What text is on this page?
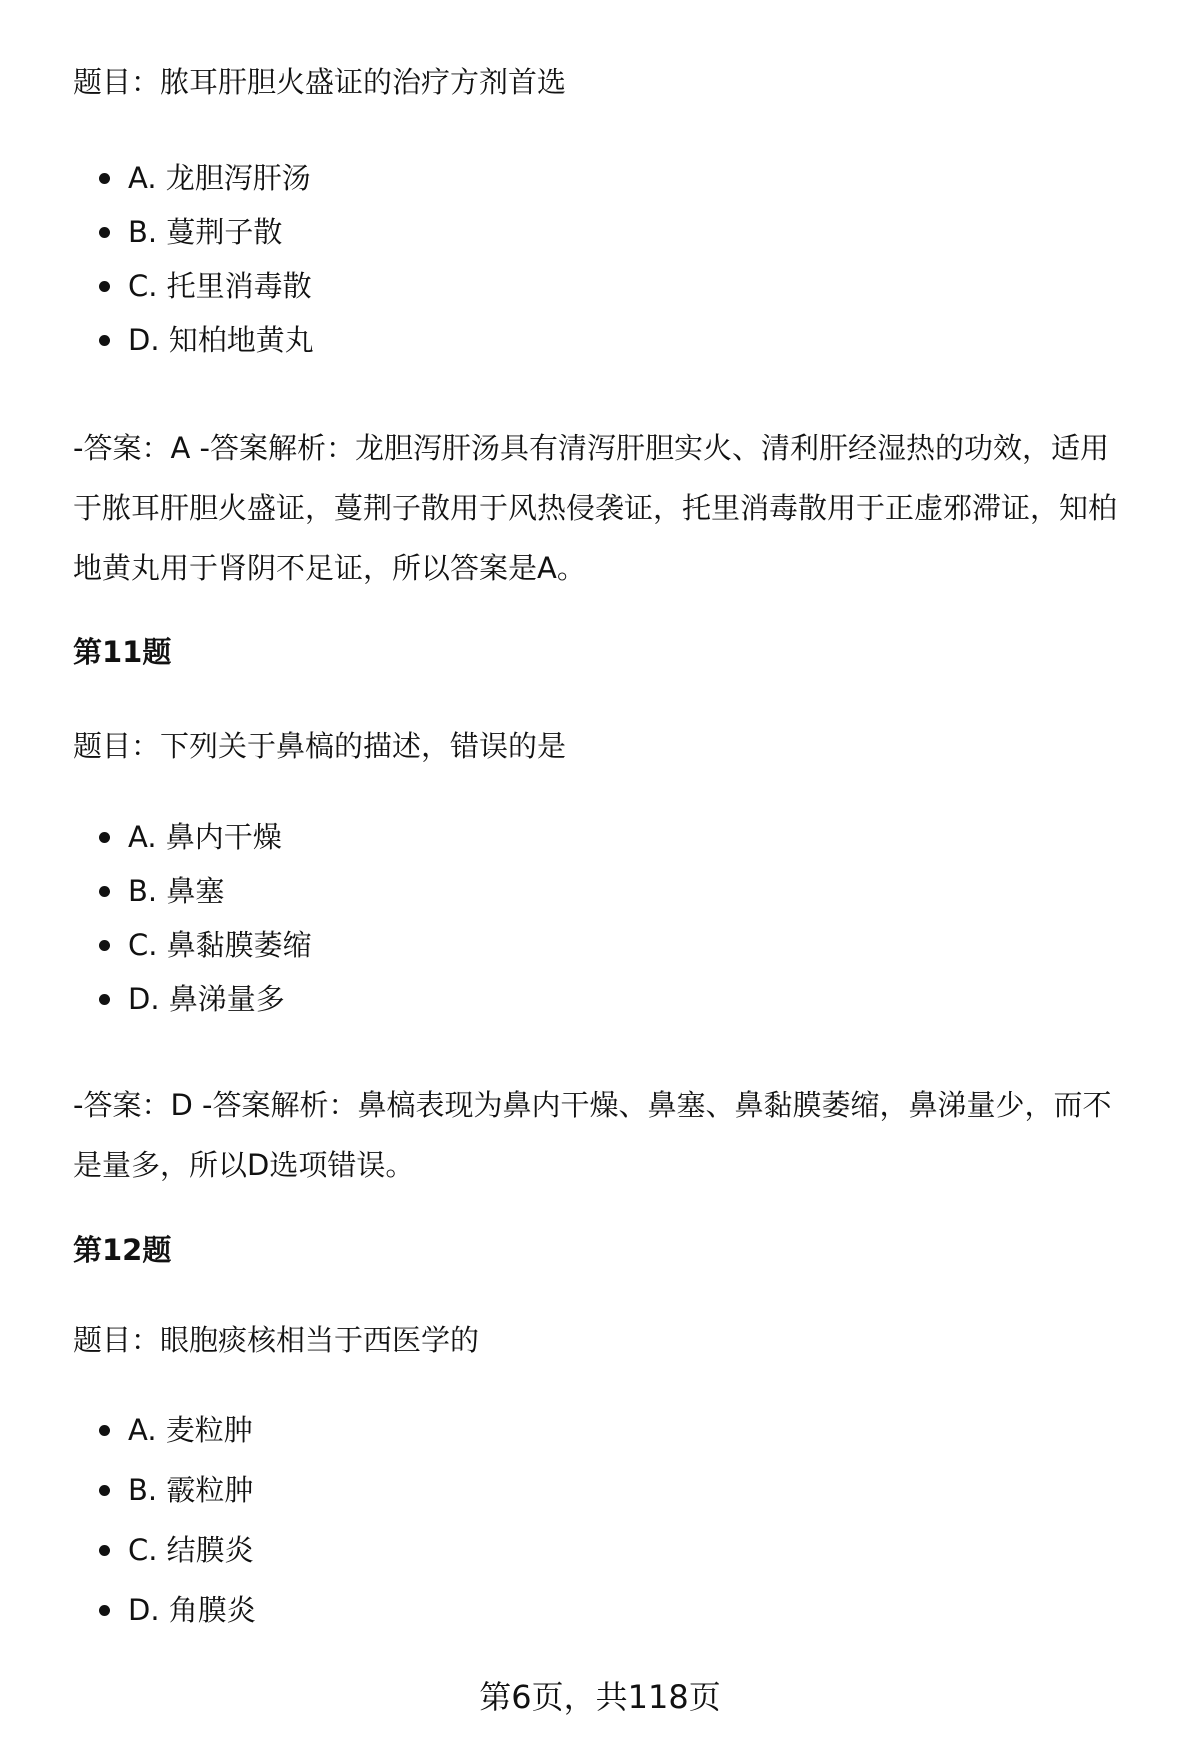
题目：脓耳肝胆火盛证的治疗方剂首选
A. 龙胆泻肝汤
B. 蔓荆子散
C. 托里消毒散
D. 知柏地黄丸
-答案：A -答案解析：龙胆泻肝汤具有清泻肝胆实火、清利肝经湿热的功效，适用
于脓耳肝胆火盛证，蔓荆子散用于风热侵袭证，托里消毒散用于正虚邪滞证，知柏
地黄丸用于肾阴不足证，所以答案是A。
第11题
题目：下列关于鼻槁的描述，错误的是
A. 鼻内干燥
B. 鼻塞
C. 鼻黏膜萎缩
D. 鼻涕量多
-答案：D -答案解析：鼻槁表现为鼻内干燥、鼻塞、鼻黏膜萎缩，鼻涕量少，而不
是量多，所以D选项错误。
第12题
题目：眼胞痰核相当于西医学的
A. 麦粒肿
B. 霰粒肿
C. 结膜炎
D. 角膜炎
第6页，共118页
